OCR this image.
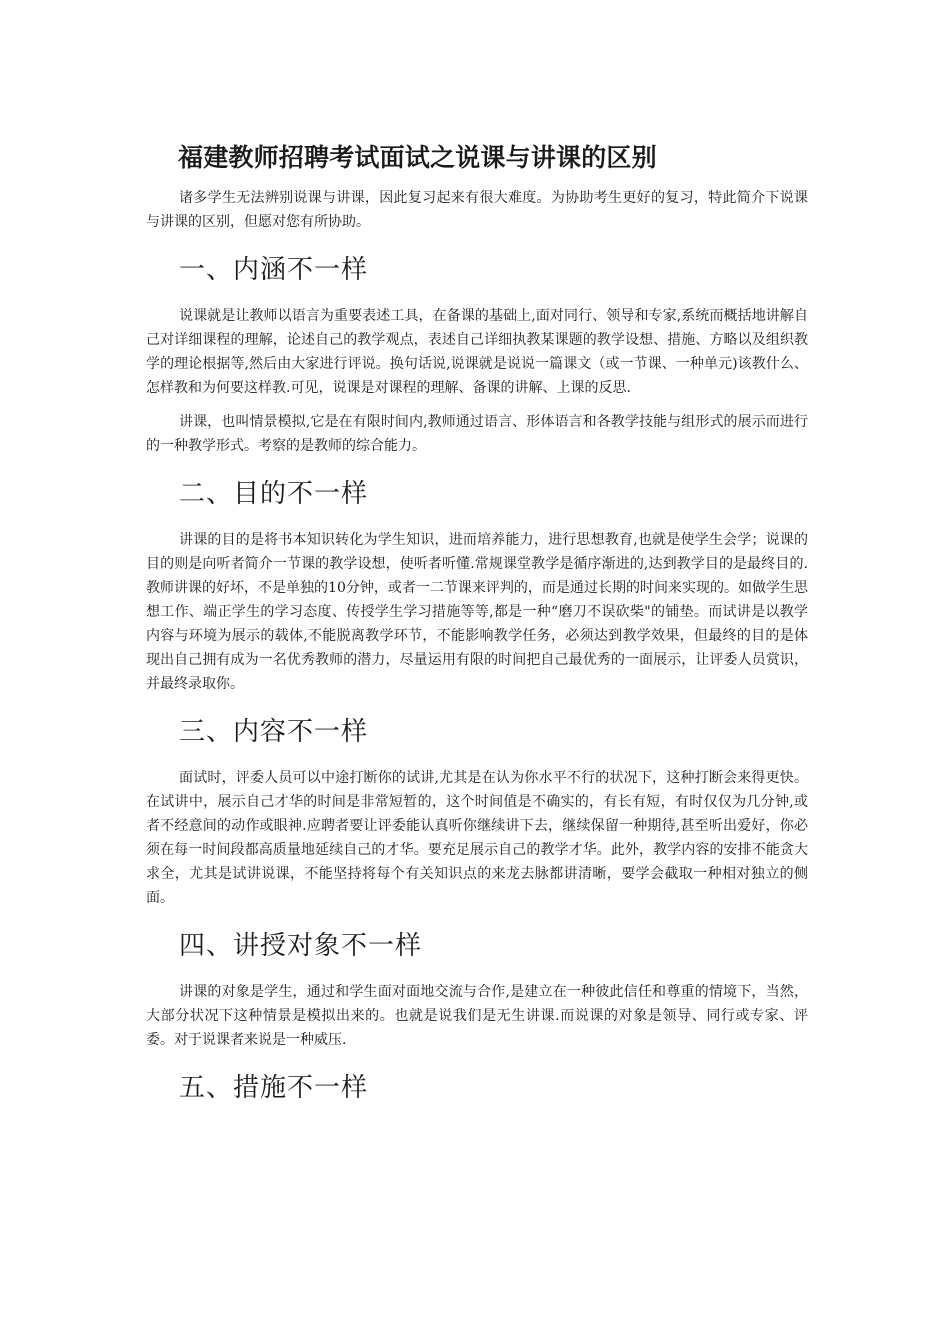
福建教师招聘考试面试之说课与讲课的区别

诸多学生无法辨别说课与讲课，因此复习起来有很大难度。为协助考生更好的复习，特此简介下说课与讲课的区别，但愿对您有所协助。

一、内涵不一样

说课就是让教师以语言为重要表述工具，在备课的基础上,面对同行、领导和专家,系统而概括地讲解自己对详细课程的理解，论述自己的教学观点，表述自己详细执教某课题的教学设想、措施、方略以及组织教学的理论根据等,然后由大家进行评说。换句话说,说课就是说说一篇课文（或一节课、一种单元)该教什么、怎样教和为何要这样教.可见，说课是对课程的理解、备课的讲解、上课的反思.

讲课，也叫情景模拟,它是在有限时间内,教师通过语言、形体语言和各教学技能与组形式的展示而进行的一种教学形式。考察的是教师的综合能力。

二、目的不一样

讲课的目的是将书本知识转化为学生知识，进而培养能力，进行思想教育,也就是使学生会学；说课的目的则是向听者简介一节课的教学设想，使听者听懂.常规课堂教学是循序渐进的,达到教学目的是最终目的.教师讲课的好坏，不是单独的10分钟，或者一二节课来评判的，而是通过长期的时间来实现的。如做学生思想工作、端正学生的学习态度、传授学生学习措施等等,都是一种“磨刀不误砍柴"的铺垫。而试讲是以教学内容与环境为展示的载体,不能脱离教学环节，不能影响教学任务，必须达到教学效果，但最终的目的是体现出自己拥有成为一名优秀教师的潜力，尽量运用有限的时间把自己最优秀的一面展示，让评委人员赏识，并最终录取你。

三、内容不一样

面试时，评委人员可以中途打断你的试讲,尤其是在认为你水平不行的状况下，这种打断会来得更快。在试讲中，展示自己才华的时间是非常短暂的，这个时间值是不确实的，有长有短，有时仅仅为几分钟,或者不经意间的动作或眼神.应聘者要让评委能认真听你继续讲下去，继续保留一种期待,甚至听出爱好，你必须在每一时间段都高质量地延续自己的才华。要充足展示自己的教学才华。此外，教学内容的安排不能贪大求全，尤其是试讲说课，不能坚持将每个有关知识点的来龙去脉都讲清晰，要学会截取一种相对独立的侧面。

四、讲授对象不一样

讲课的对象是学生，通过和学生面对面地交流与合作,是建立在一种彼此信任和尊重的情境下，当然，大部分状况下这种情景是模拟出来的。也就是说我们是无生讲课.而说课的对象是领导、同行或专家、评委。对于说课者来说是一种威压.

五、措施不一样
